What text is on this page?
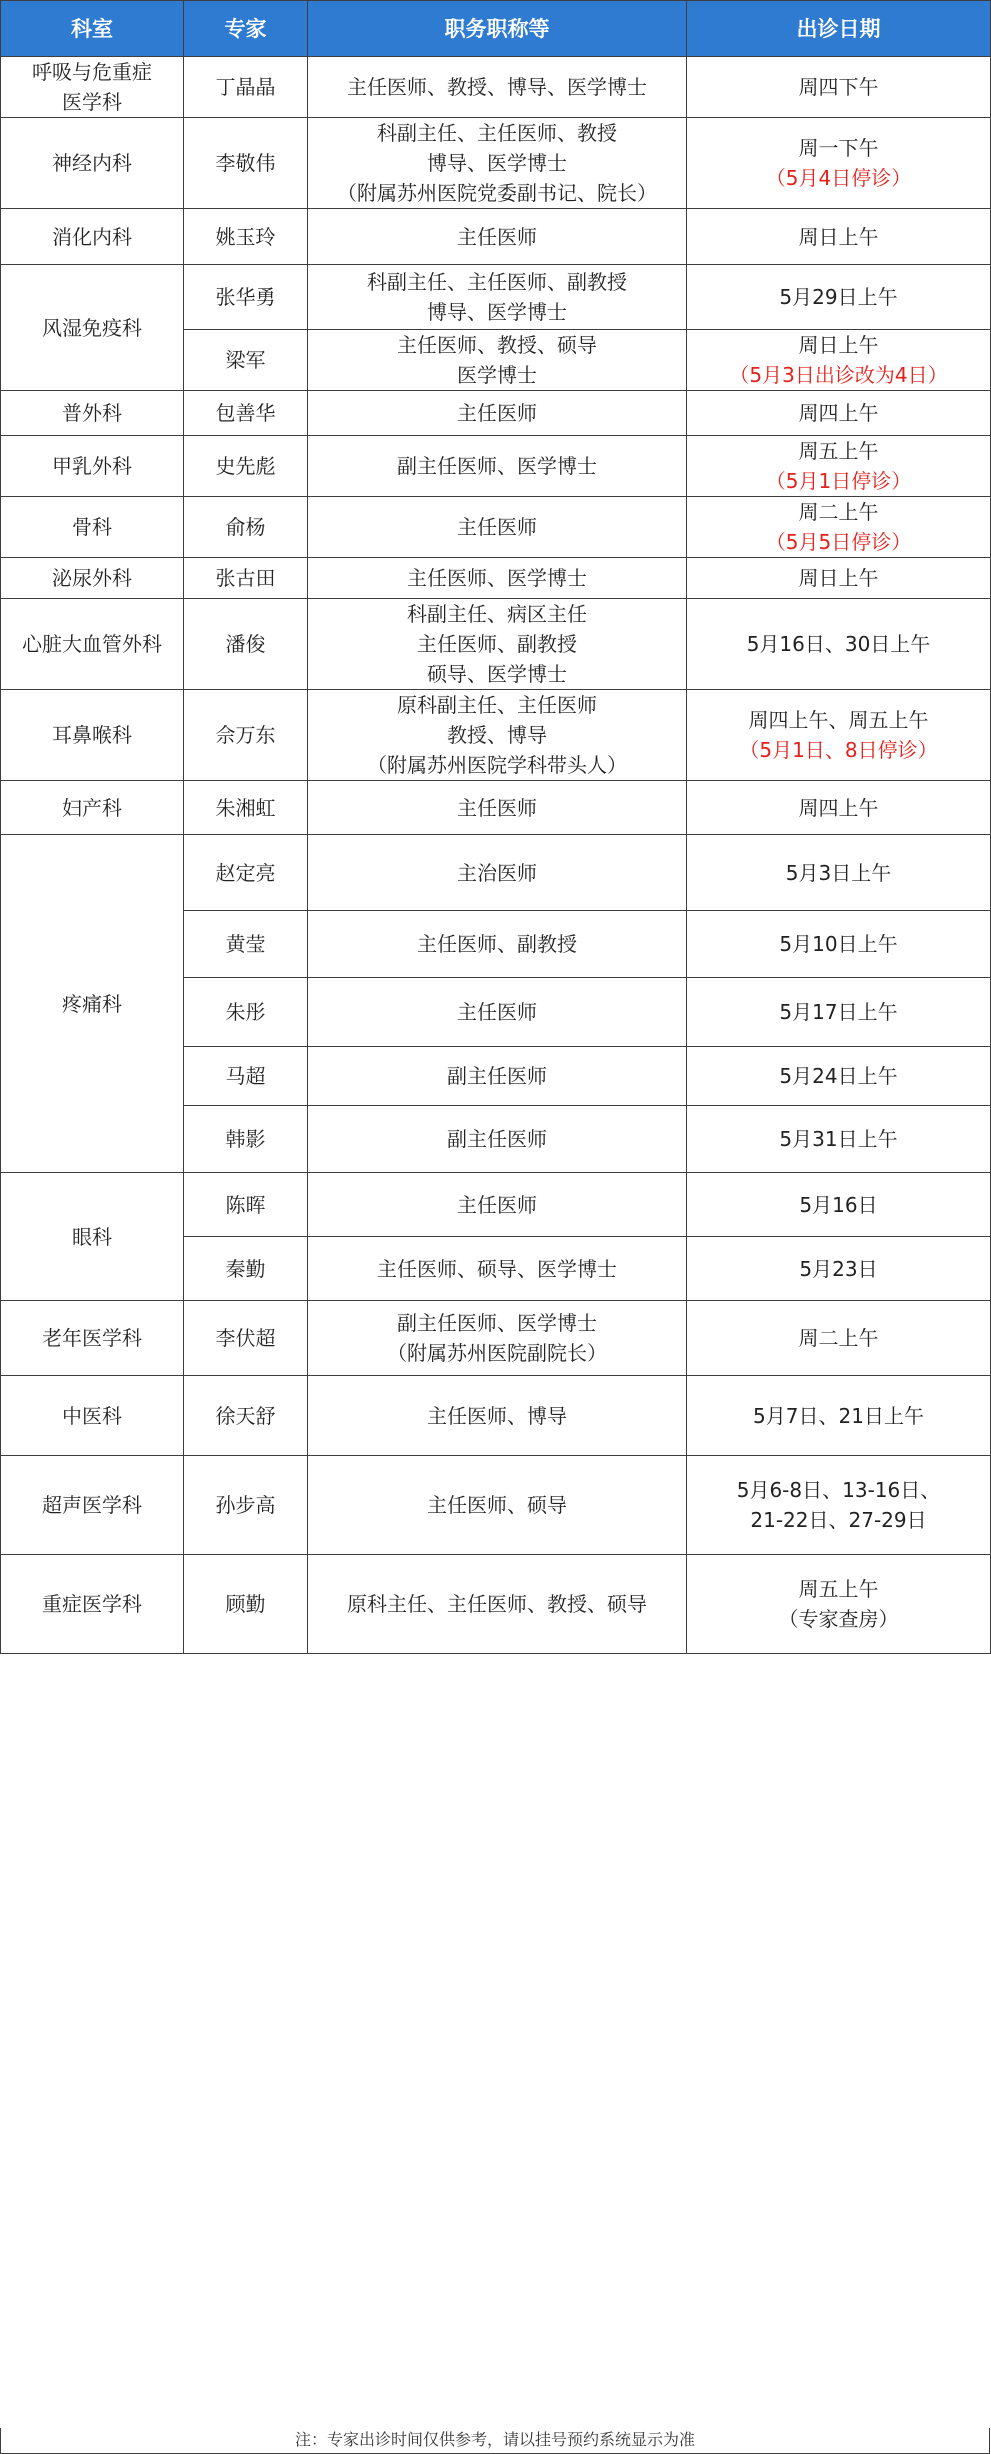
科室	专家	职务职称等	出诊日期

呼吸与危重症
医学科	丁晶晶	主任医师、教授、博导、医学博士	周四下午

神经内科	李敬伟	科副主任、主任医师、教授
博导、医学博士
（附属苏州医院党委副书记、院长）	周一下午
（5月4日停诊）

消化内科	姚玉玲	主任医师	周日上午

风湿免疫科	张华勇	科副主任、主任医师、副教授
博导、医学博士	5月29日上午

	梁军	主任医师、教授、硕导
医学博士	周日上午
（5月3日出诊改为4日）

普外科	包善华	主任医师	周四上午

甲乳外科	史先彪	副主任医师、医学博士	周五上午
（5月1日停诊）

骨科	俞杨	主任医师	周二上午
（5月5日停诊）

泌尿外科	张古田	主任医师、医学博士	周日上午

心脏大血管外科	潘俊	科副主任、病区主任
主任医师、副教授
硕导、医学博士	5月16日、30日上午

耳鼻喉科	佘万东	原科副主任、主任医师
教授、博导
（附属苏州医院学科带头人）	周四上午、周五上午
（5月1日、8日停诊）

妇产科	朱湘虹	主任医师	周四上午

疼痛科	赵定亮	主治医师	5月3日上午

	黄莹	主任医师、副教授	5月10日上午

	朱彤	主任医师	5月17日上午

	马超	副主任医师	5月24日上午

	韩影	副主任医师	5月31日上午

眼科	陈晖	主任医师	5月16日

	秦勤	主任医师、硕导、医学博士	5月23日

老年医学科	李伏超	副主任医师、医学博士
（附属苏州医院副院长）	周二上午

中医科	徐天舒	主任医师、博导	5月7日、21日上午

超声医学科	孙步高	主任医师、硕导	5月6-8日、13-16日、
21-22日、27-29日

重症医学科	顾勤	原科主任、主任医师、教授、硕导	周五上午
（专家查房）
注：专家出诊时间仅供参考，请以挂号预约系统显示为准
